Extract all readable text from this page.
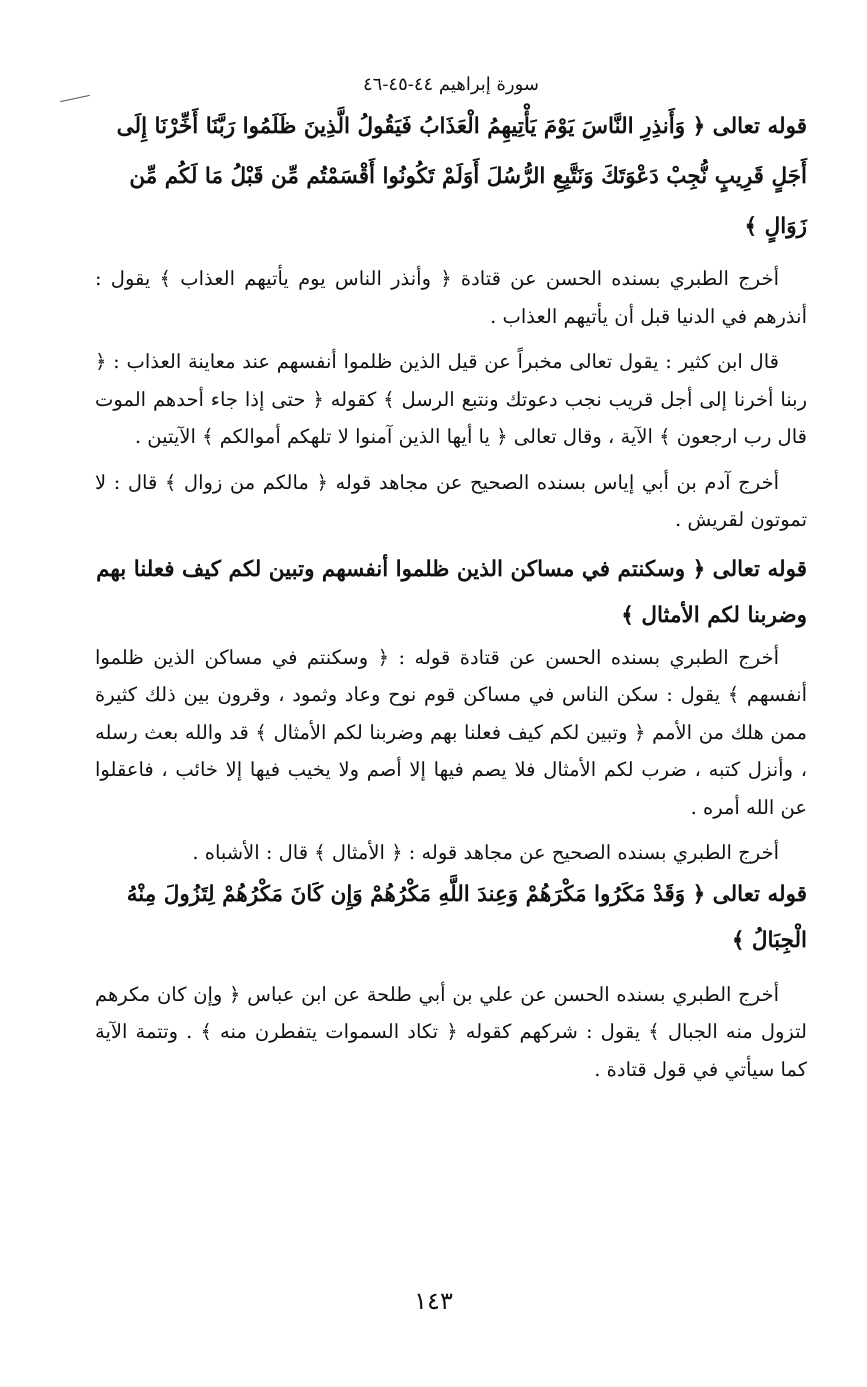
سورة إبراهيم ٤٤-٤٥-٤٦

قوله تعالى ﴿ وَأَنذِرِ النَّاسَ يَوْمَ يَأْتِيهِمُ الْعَذَابُ فَيَقُولُ الَّذِينَ ظَلَمُوا رَبَّنَا أَخِّرْنَا إِلَى أَجَلٍ قَرِيبٍ نُّجِبْ دَعْوَتَكَ وَنَتَّبِعِ الرُّسُلَ أَوَلَمْ تَكُونُوا أَقْسَمْتُم مِّن قَبْلُ مَا لَكُم مِّن زَوَالٍ ﴾

أخرج الطبري بسنده الحسن عن قتادة ﴿ وأنذر الناس يوم يأتيهم العذاب ﴾ يقول : أنذرهم في الدنيا قبل أن يأتيهم العذاب .

قال ابن كثير : يقول تعالى مخبراً عن قيل الذين ظلموا أنفسهم عند معاينة العذاب : ﴿ ربنا أخرنا إلى أجل قريب نجب دعوتك ونتبع الرسل ﴾ كقوله ﴿ حتى إذا جاء أحدهم الموت قال رب ارجعون ﴾ الآية ، وقال تعالى ﴿ يا أيها الذين آمنوا لا تلهكم أموالكم ﴾ الآيتين .

أخرج آدم بن أبي إياس بسنده الصحيح عن مجاهد قوله ﴿ مالكم من زوال ﴾ قال : لا تموتون لقريش .

قوله تعالى ﴿ وسكنتم في مساكن الذين ظلموا أنفسهم وتبين لكم كيف فعلنا بهم وضربنا لكم الأمثال ﴾

أخرج الطبري بسنده الحسن عن قتادة قوله : ﴿ وسكنتم في مساكن الذين ظلموا أنفسهم ﴾ يقول : سكن الناس في مساكن قوم نوح وعاد وثمود ، وقرون بين ذلك كثيرة ممن هلك من الأمم ﴿ وتبين لكم كيف فعلنا بهم وضربنا لكم الأمثال ﴾ قد والله بعث رسله ، وأنزل كتبه ، ضرب لكم الأمثال فلا يصم فيها إلا أصم ولا يخيب فيها إلا خائب ، فاعقلوا عن الله أمره .

أخرج الطبري بسنده الصحيح عن مجاهد قوله : ﴿ الأمثال ﴾ قال : الأشباه .

قوله تعالى ﴿ وَقَدْ مَكَرُوا مَكْرَهُمْ وَعِندَ اللَّهِ مَكْرُهُمْ وَإِن كَانَ مَكْرُهُمْ لِتَزُولَ مِنْهُ الْجِبَالُ ﴾

أخرج الطبري بسنده الحسن عن علي بن أبي طلحة عن ابن عباس ﴿ وإن كان مكرهم لتزول منه الجبال ﴾ يقول : شركهم كقوله ﴿ تكاد السموات يتفطرن منه ﴾ . وتتمة الآية كما سيأتي في قول قتادة .

١٤٣
